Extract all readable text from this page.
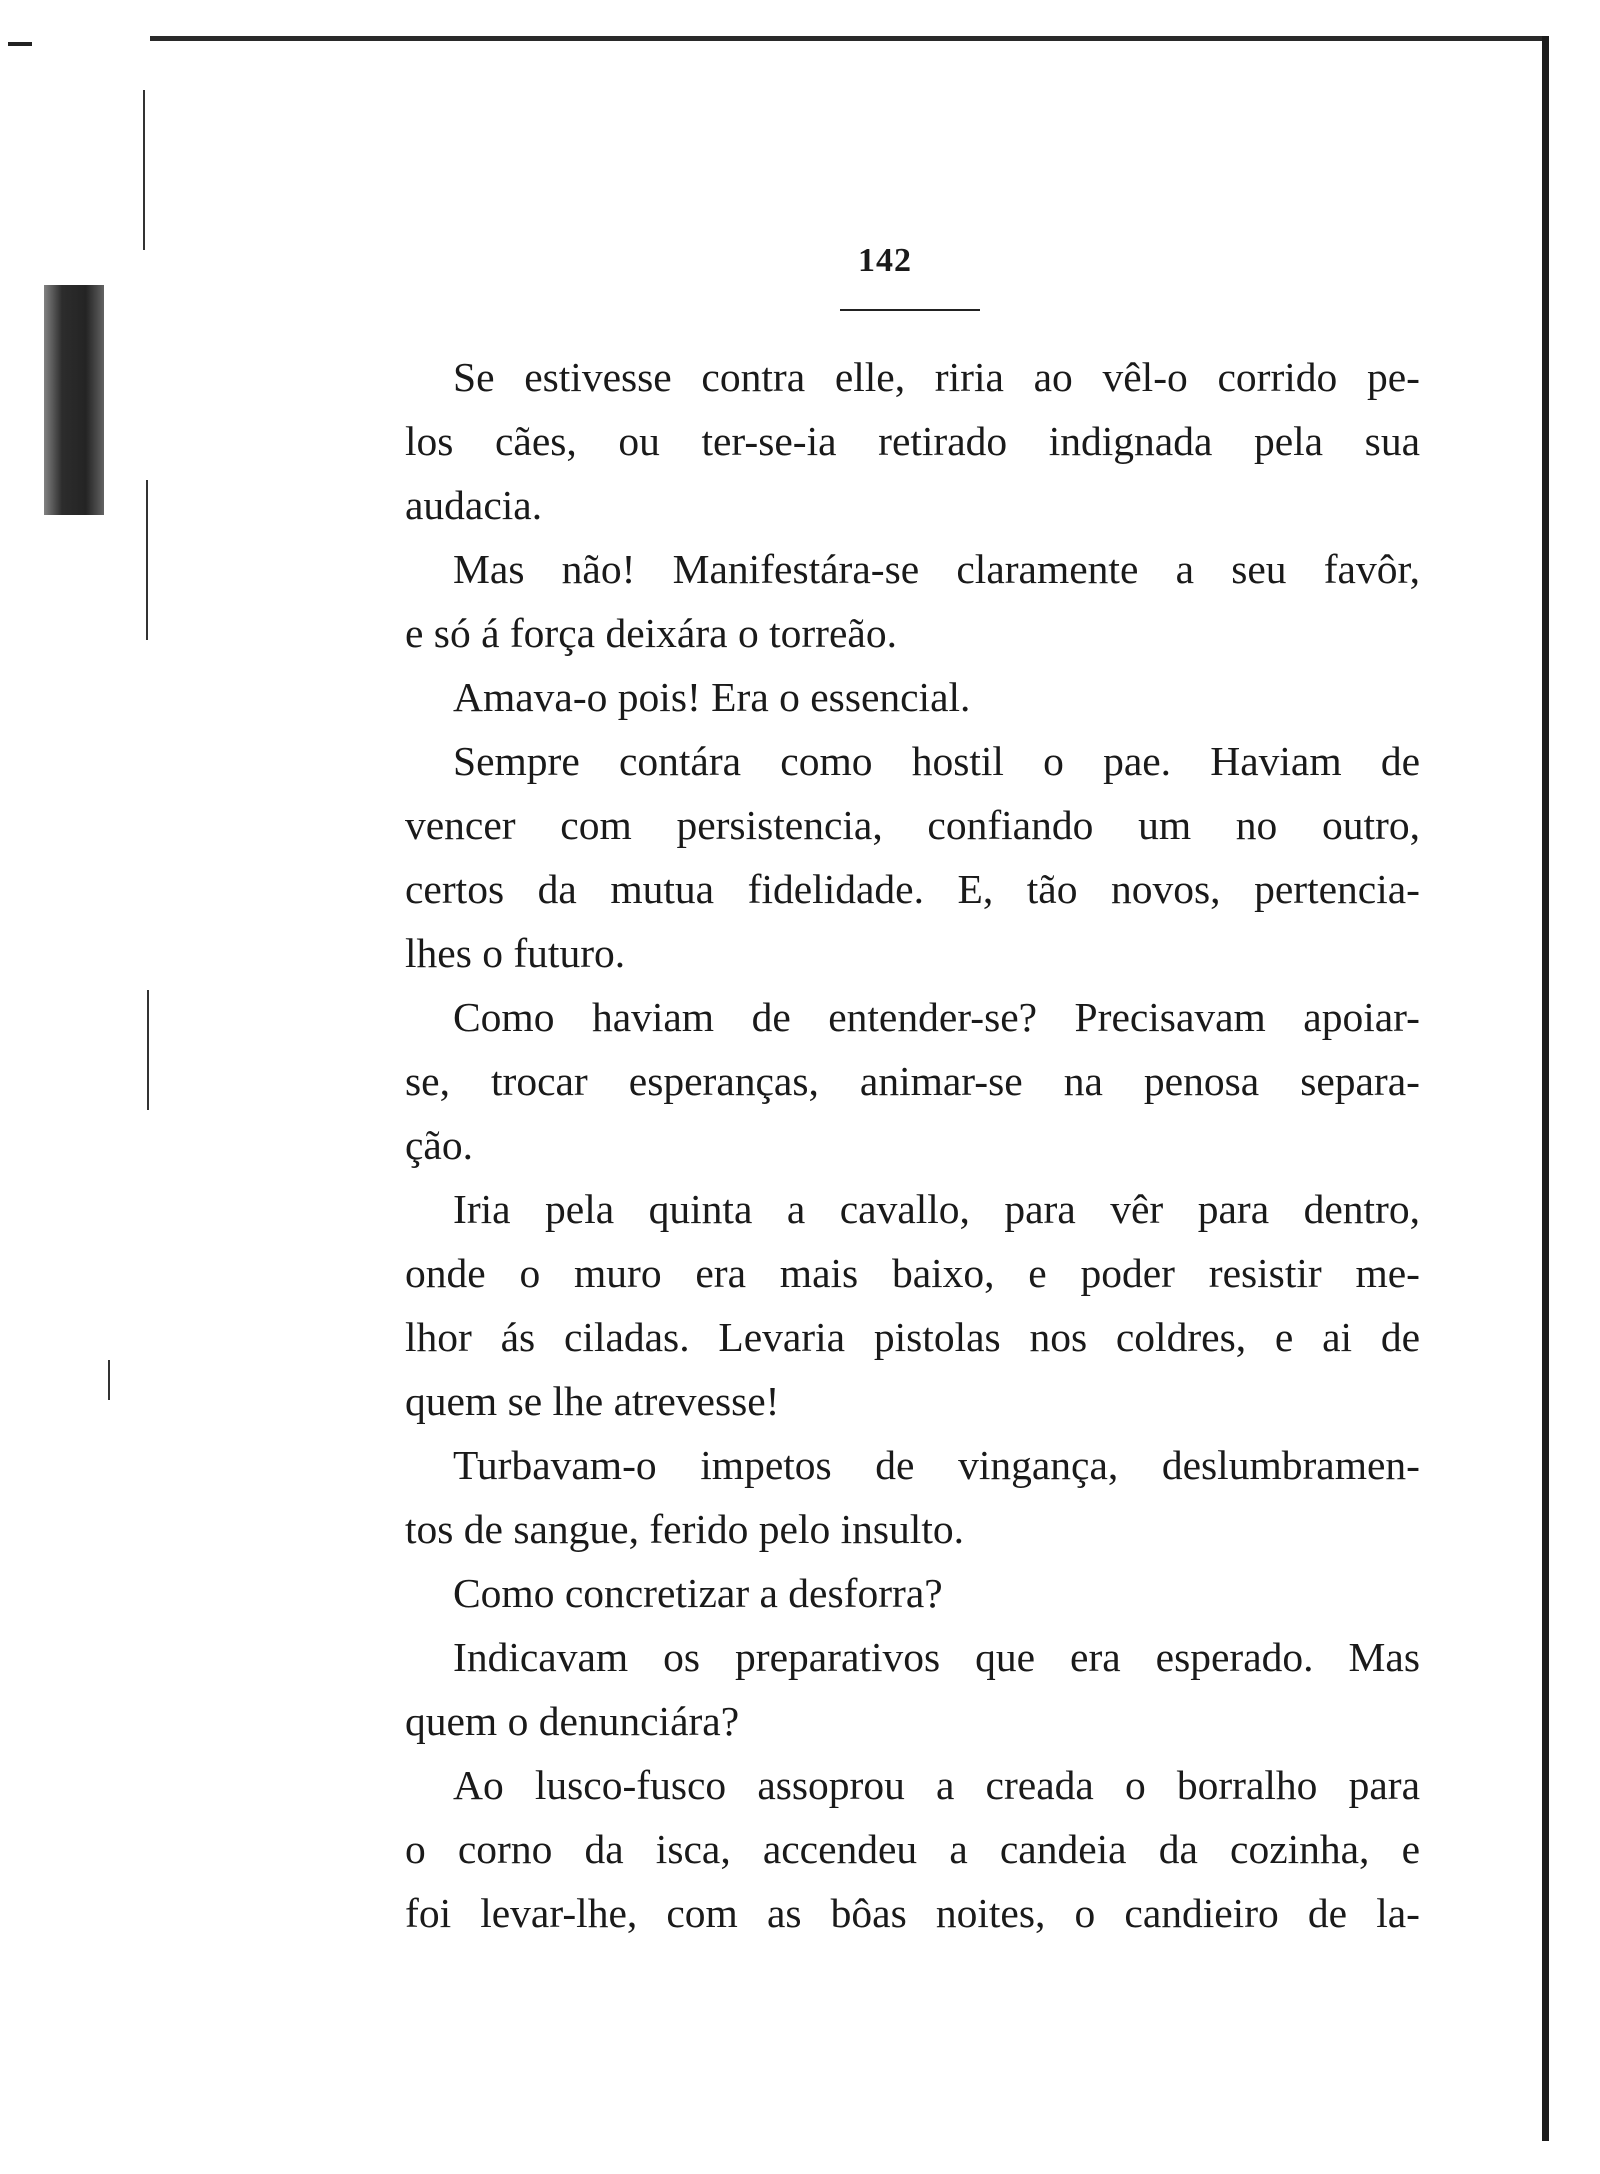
142
Se estivesse contra elle, riria ao vêl-o corrido pe-
los cães, ou ter-se-ia retirado indignada pela sua
audacia.
Mas não! Manifestára-se claramente a seu favôr,
e só á força deixára o torreão.
Amava-o pois! Era o essencial.
Sempre contára como hostil o pae. Haviam de
vencer com persistencia, confiando um no outro,
certos da mutua fidelidade. E, tão novos, pertencia-
lhes o futuro.
Como haviam de entender-se? Precisavam apoiar-
se, trocar esperanças, animar-se na penosa separa-
ção.
Iria pela quinta a cavallo, para vêr para dentro,
onde o muro era mais baixo, e poder resistir me-
lhor ás ciladas. Levaria pistolas nos coldres, e ai de
quem se lhe atrevesse!
Turbavam-o impetos de vingança, deslumbramen-
tos de sangue, ferido pelo insulto.
Como concretizar a desforra?
Indicavam os preparativos que era esperado. Mas
quem o denunciára?
Ao lusco-fusco assoprou a creada o borralho para
o corno da isca, accendeu a candeia da cozinha, e
foi levar-lhe, com as bôas noites, o candieiro de la-
